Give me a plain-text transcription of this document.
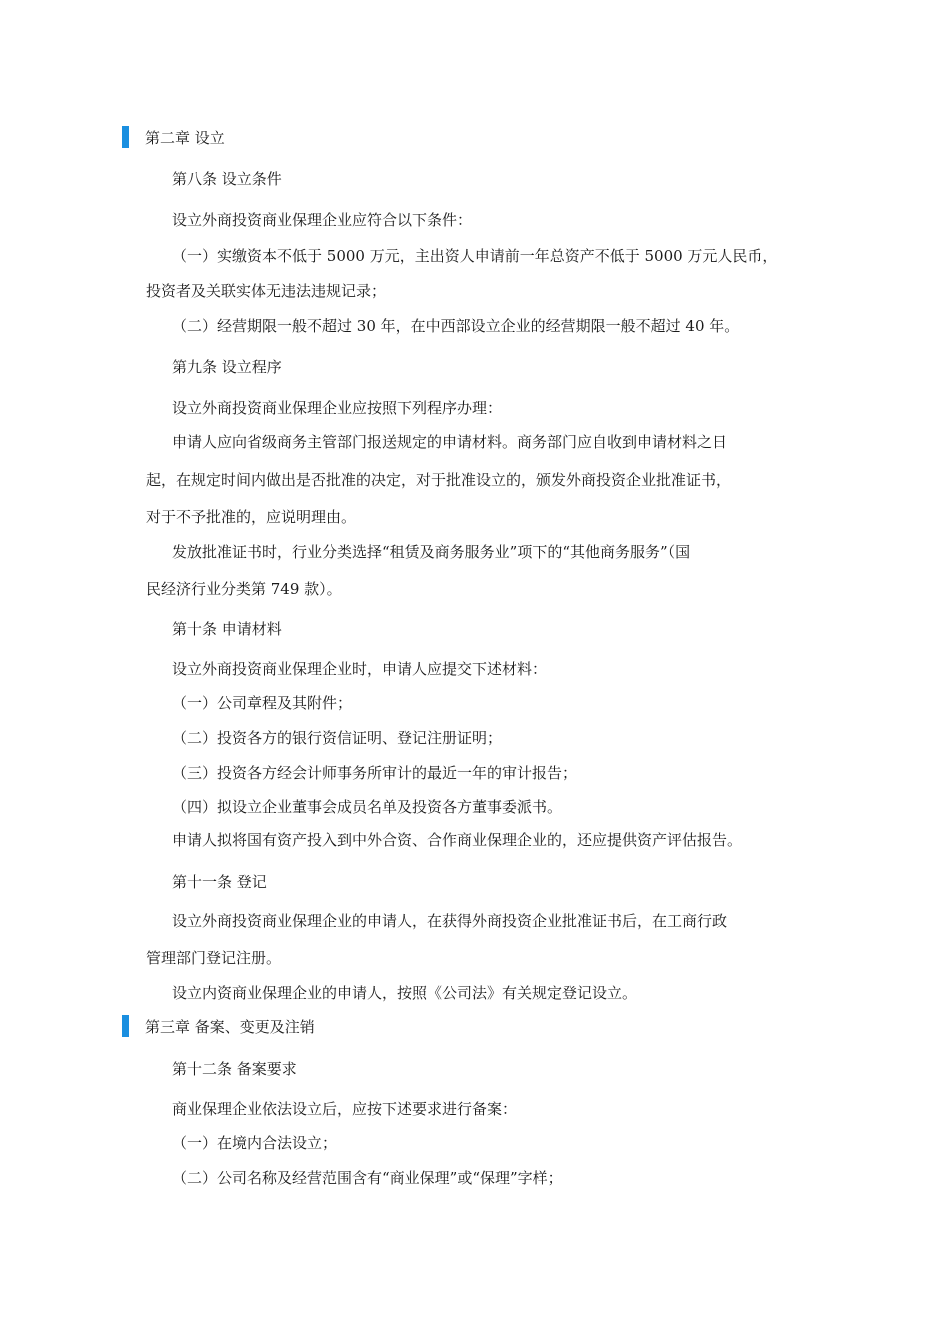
第二章 设立
第八条 设立条件
设立外商投资商业保理企业应符合以下条件：
（一）实缴资本不低于 5000 万元，主出资人申请前一年总资产不低于 5000 万元人民币，
投资者及关联实体无违法违规记录；
（二）经营期限一般不超过 30 年，在中西部设立企业的经营期限一般不超过 40 年。
第九条 设立程序
设立外商投资商业保理企业应按照下列程序办理：
申请人应向省级商务主管部门报送规定的申请材料。商务部门应自收到申请材料之日
起，在规定时间内做出是否批准的决定，对于批准设立的，颁发外商投资企业批准证书，
对于不予批准的，应说明理由。
发放批准证书时，行业分类选择“租赁及商务服务业”项下的“其他商务服务”（国
民经济行业分类第 749 款）。
第十条 申请材料
设立外商投资商业保理企业时，申请人应提交下述材料：
（一）公司章程及其附件；
（二）投资各方的银行资信证明、登记注册证明；
（三）投资各方经会计师事务所审计的最近一年的审计报告；
（四）拟设立企业董事会成员名单及投资各方董事委派书。
申请人拟将国有资产投入到中外合资、合作商业保理企业的，还应提供资产评估报告。
第十一条 登记
设立外商投资商业保理企业的申请人，在获得外商投资企业批准证书后，在工商行政
管理部门登记注册。
设立内资商业保理企业的申请人，按照《公司法》有关规定登记设立。
第三章 备案、变更及注销
第十二条 备案要求
商业保理企业依法设立后，应按下述要求进行备案：
（一）在境内合法设立；
（二）公司名称及经营范围含有“商业保理”或“保理”字样；
